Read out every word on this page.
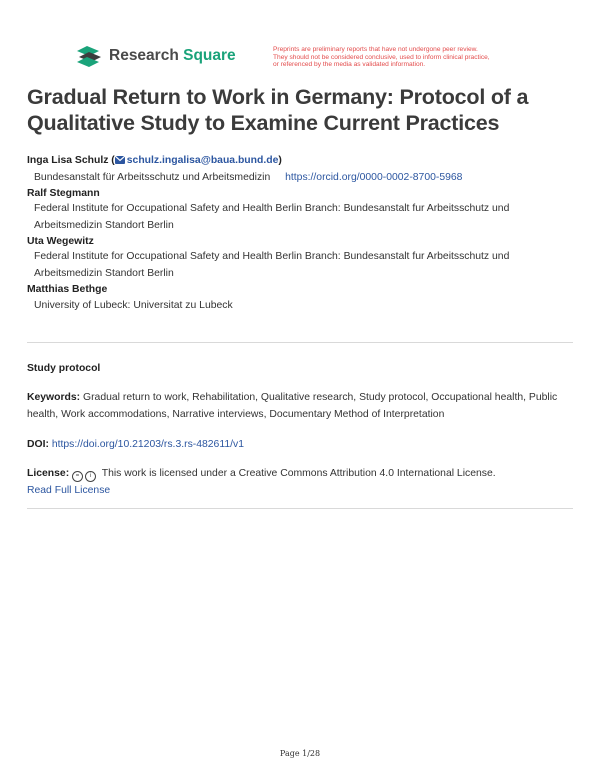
Research Square	Preprints are preliminary reports that have not undergone peer review.
They should not be considered conclusive, used to inform clinical practice,
or referenced by the media as validated information.
Gradual Return to Work in Germany: Protocol of a Qualitative Study to Examine Current Practices
Inga Lisa Schulz ( schulz.ingalisa@baua.bund.de)
Bundesanstalt für Arbeitsschutz und Arbeitsmedizin https://orcid.org/0000-0002-8700-5968
Ralf Stegmann
Federal Institute for Occupational Safety and Health Berlin Branch: Bundesanstalt fur Arbeitsschutz und Arbeitsmedizin Standort Berlin
Uta Wegewitz
Federal Institute for Occupational Safety and Health Berlin Branch: Bundesanstalt fur Arbeitsschutz und Arbeitsmedizin Standort Berlin
Matthias Bethge
University of Lubeck: Universitat zu Lubeck
Study protocol
Keywords: Gradual return to work, Rehabilitation, Qualitative research, Study protocol, Occupational health, Public health, Work accommodations, Narrative interviews, Documentary Method of Interpretation
DOI: https://doi.org/10.21203/rs.3.rs-482611/v1
License:	=	i	This work is licensed under a Creative Commons Attribution 4.0 International License.
Read Full License
Page 1/28
